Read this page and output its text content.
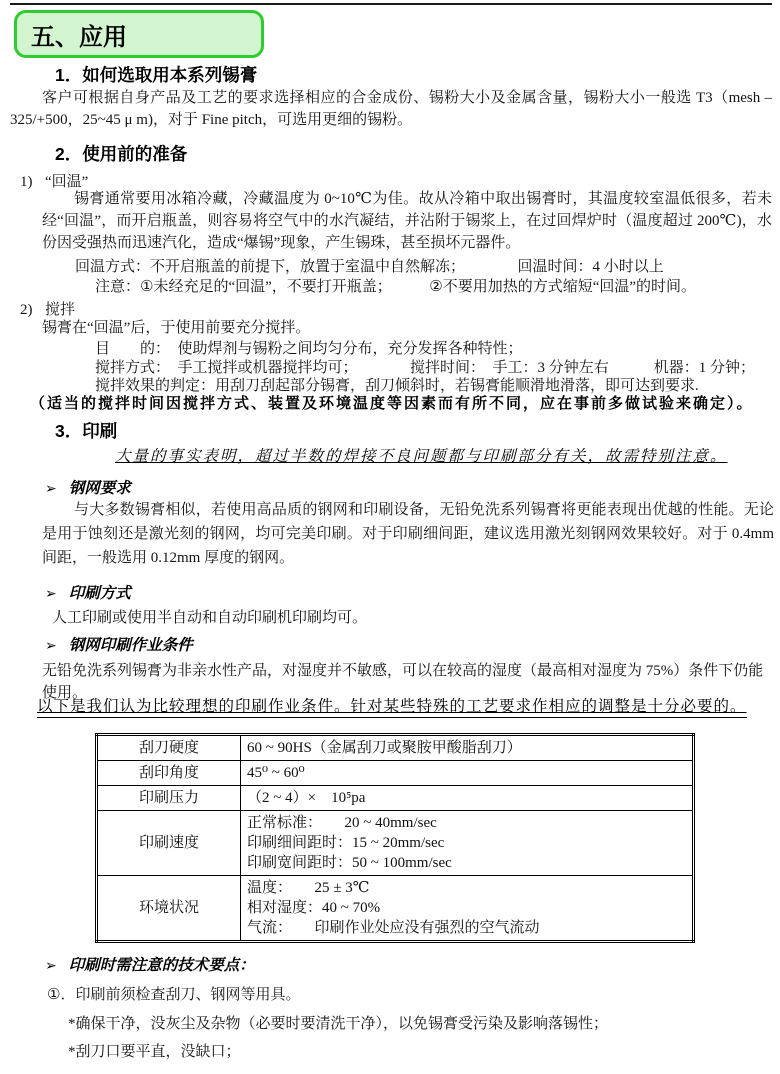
五、应用
1．如何选取用本系列锡膏
客户可根据自身产品及工艺的要求选择相应的合金成份、锡粉大小及金属含量，锡粉大小一般选 T3（mesh –325/+500，25~45 μ m)，对于 Fine pitch，可选用更细的锡粉。
2．使用前的准备
1) “回温”
锡膏通常要用冰箱冷藏，冷藏温度为 0~10℃为佳。故从冷箱中取出锡膏时，其温度较室温低很多，若未经“回温”，而开启瓶盖，则容易将空气中的水汽凝结，并沾附于锡浆上，在过回焊炉时（温度超过 200℃)，水份因受强热而迅速汽化，造成“爆锡”现象，产生锡珠，甚至损坏元器件。
回温方式：不开启瓶盖的前提下，放置于室温中自然解冻；　　　　回温时间：4 小时以上
注意：①未经充足的“回温”，不要打开瓶盖；　　　②不要用加热的方式缩短“回温”的时间。
2) 搅拌
锡膏在“回温”后，于使用前要充分搅拌。
目　　的：　使助焊剂与锡粉之间均匀分布，充分发挥各种特性；
搅拌方式：　手工搅拌或机器搅拌均可；　　　　搅拌时间：　手工：3 分钟左右　　　机器：1 分钟；
搅拌效果的判定：用刮刀刮起部分锡膏，刮刀倾斜时，若锡膏能顺滑地滑落，即可达到要求.
（适当的搅拌时间因搅拌方式、装置及环境温度等因素而有所不同，应在事前多做试验来确定）。
3．印刷
大量的事实表明，超过半数的焊接不良问题都与印刷部分有关，故需特别注意。
➢ 钢网要求
与大多数锡膏相似，若使用高品质的钢网和印刷设备，无铅免洗系列锡膏将更能表现出优越的性能。无论是用于蚀刻还是激光刻的钢网，均可完美印刷。对于印刷细间距，建议选用激光刻钢网效果较好。对于 0.4mm 间距，一般选用 0.12mm 厚度的钢网。
➢ 印刷方式
人工印刷或使用半自动和自动印刷机印刷均可。
➢ 钢网印刷作业条件
无铅免洗系列锡膏为非亲水性产品，对湿度并不敏感，可以在较高的湿度（最高相对湿度为 75%）条件下仍能使用。
以下是我们认为比较理想的印刷作业条件。针对某些特殊的工艺要求作相应的调整是十分必要的。
刮刀硬度	60 ~ 90HS（金属刮刀或聚胺甲酸脂刮刀）

刮印角度	45⁰ ~ 60⁰

印刷压力	（2 ~ 4）×　10⁵pa

印刷速度	正常标准：　　20 ~ 40mm/sec
印刷细间距时：15 ~ 20mm/sec
印刷宽间距时：50 ~ 100mm/sec

环境状况	温度：　　25 ± 3℃
相对湿度：40 ~ 70%
气流：　　印刷作业处应没有强烈的空气流动
➢ 印刷时需注意的技术要点：
①．印刷前须检查刮刀、钢网等用具。
*确保干净，没灰尘及杂物（必要时要清洗干净），以免锡膏受污染及影响落锡性；
*刮刀口要平直，没缺口；
